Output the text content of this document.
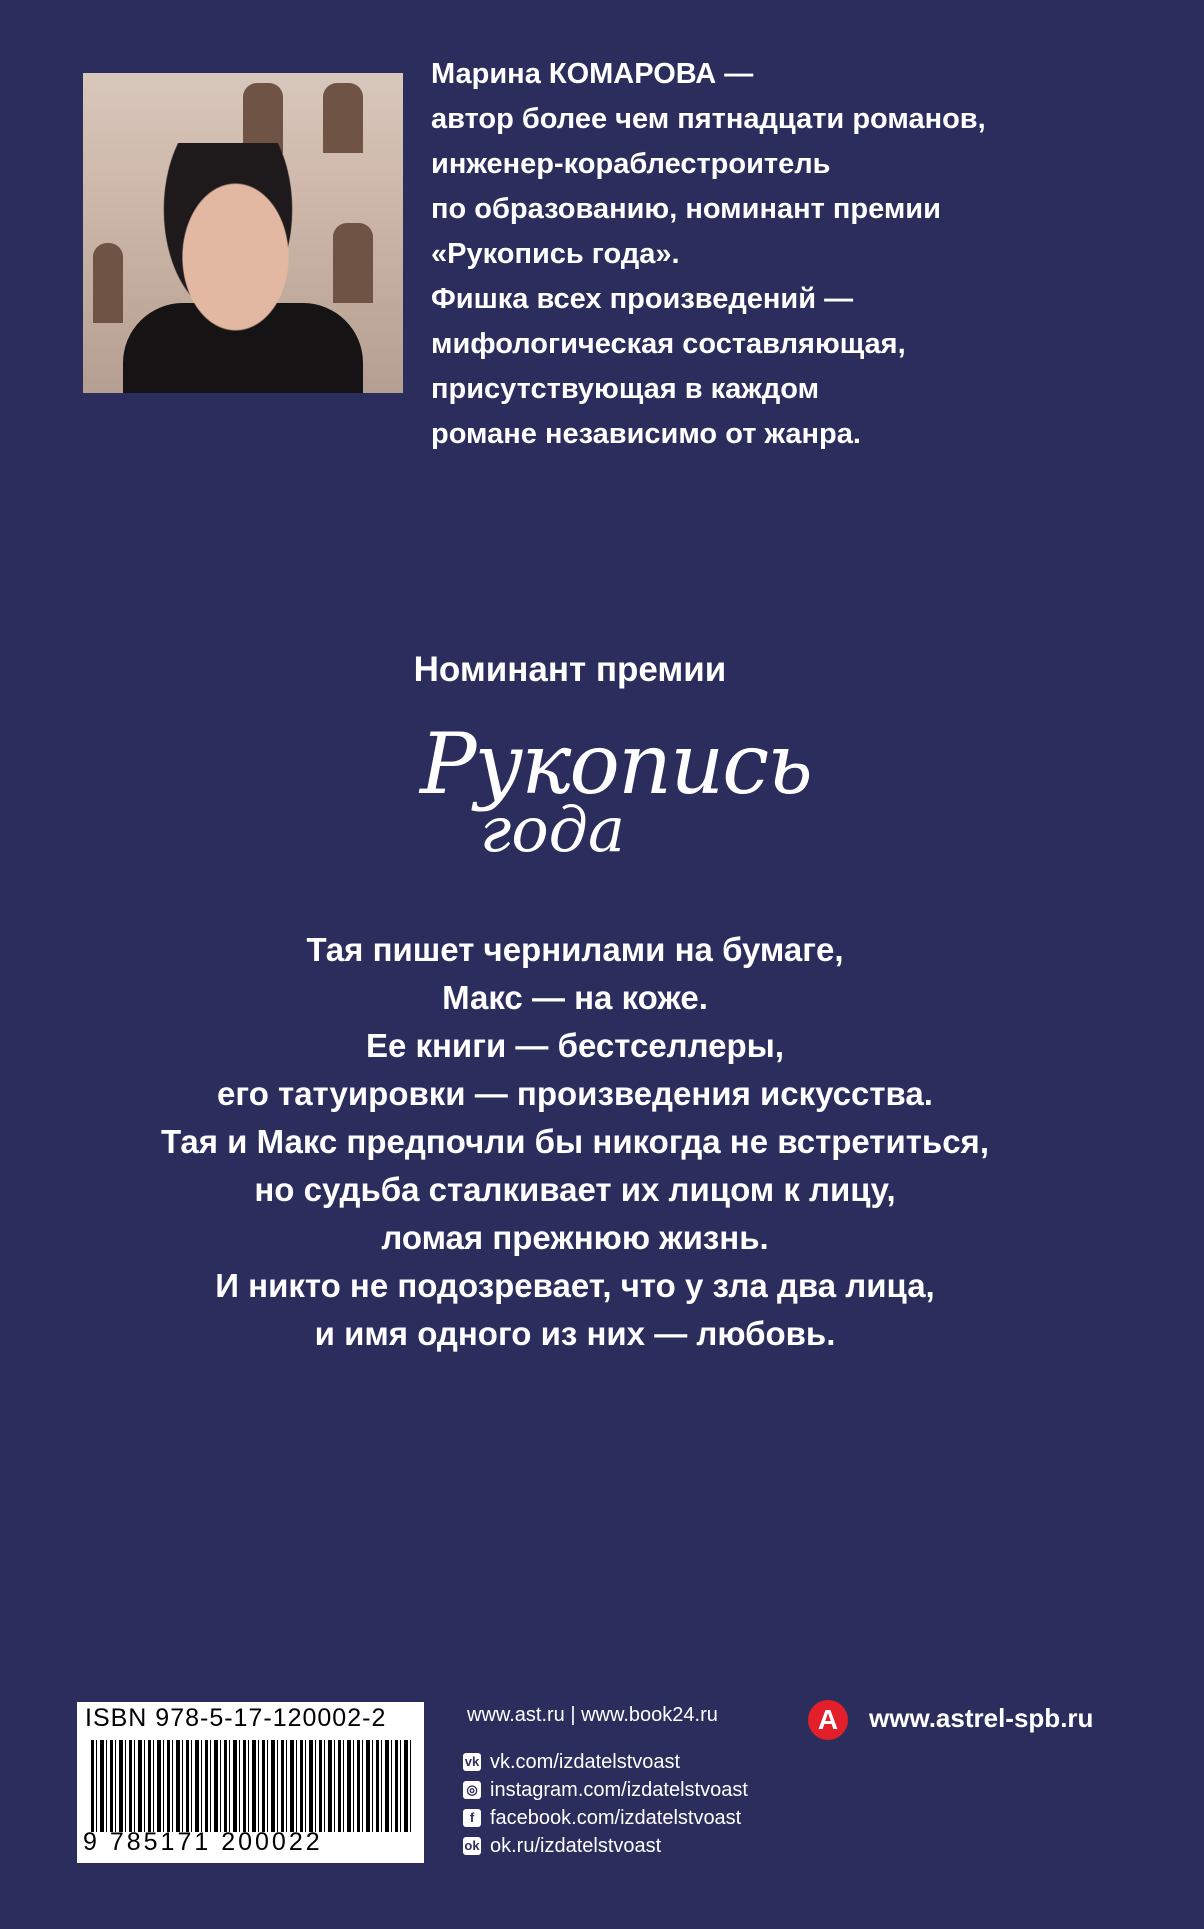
Марина КОМАРОВА —
автор более чем пятнадцати романов,
инженер-кораблестроитель
по образованию, номинант премии
«Рукопись года».
Фишка всех произведений —
мифологическая составляющая,
присутствующая в каждом
романе независимо от жанра.
Номинант премии
Рукопись
года
Тая пишет чернилами на бумаге,
Макс — на коже.
Ее книги — бестселлеры,
его татуировки — произведения искусства.
Тая и Макс предпочли бы никогда не встретиться,
но судьба сталкивает их лицом к лицу,
ломая прежнюю жизнь.
И никто не подозревает, что у зла два лица,
и имя одного из них — любовь.
ISBN 978-5-17-120002-2
9 785171 200022
www.ast.ru | www.book24.ru
vk vk.com/izdatelstvoast
◎ instagram.com/izdatelstvoast
f facebook.com/izdatelstvoast
ok ok.ru/izdatelstvoast
А	www.astrel-spb.ru
